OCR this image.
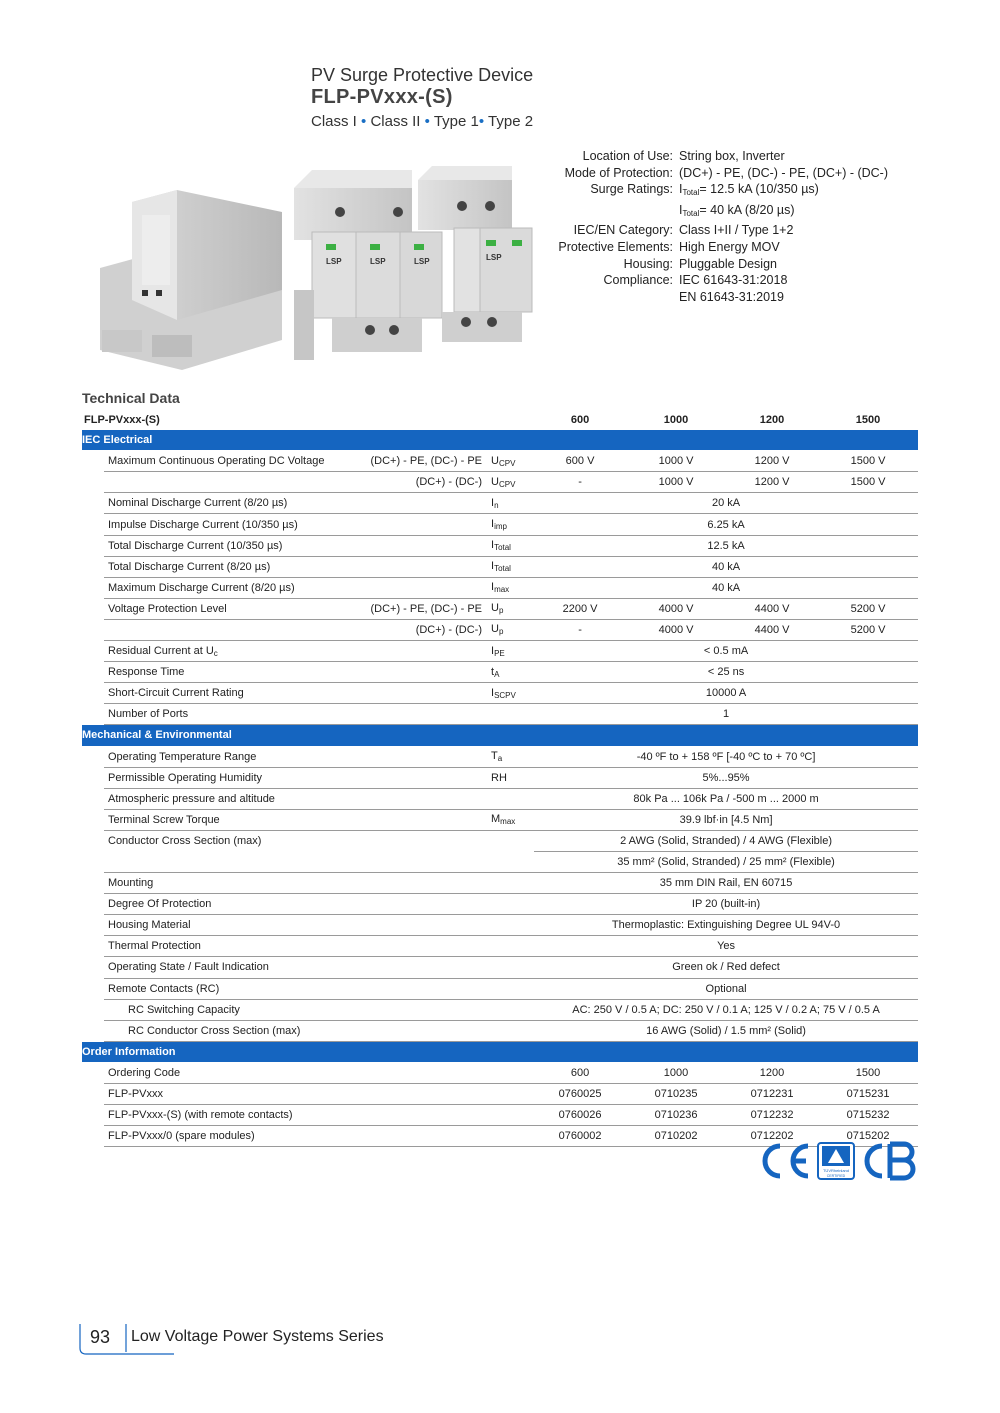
PV Surge Protective Device
FLP-PVxxx-(S)
Class I • Class II • Type 1• Type 2
LSP	LSP	LSP	LSP
Location of Use: String box, Inverter
Mode of Protection: (DC+) - PE, (DC-) - PE, (DC+) - (DC-)
Surge Ratings: $I_{Total}= 12.5$ kA (10/350 µs)
$I_{Total}= 40$ kA (8/20 µs)
IEC/EN Category: Class I+II / Type 1+2
Protective Elements: High Energy MOV
Housing: Pluggable Design
Compliance: IEC 61643-31:2018
EN 61643-31:2019
Technical Data
FLP-PVxxx-(S)				600	1000	1200	1500
IEC Electrical							
	Maximum Continuous Operating DC Voltage	(DC+) - PE, (DC-) - PE	$U_{CPV}$	600 V	1000 V	1200 V	1500 V
		(DC+) - (DC-)	$U_{CPV}$	-	1000 V	1200 V	1500 V
	Nominal Discharge Current (8/20 µs)		$I_n$	20 kA			
	Impulse Discharge Current (10/350 µs)		$I_{imp}$	6.25 kA			
	Total Discharge Current (10/350 µs)		$I_{Total}$	12.5 kA			
	Total Discharge Current (8/20 µs)		$I_{Total}$	40 kA			
	Maximum Discharge Current (8/20 µs)		$I_{max}$	40 kA			
	Voltage Protection Level	(DC+) - PE, (DC-) - PE	$U_p$	2200 V	4000 V	4400 V	5200 V
		(DC+) - (DC-)	$U_p$	-	4000 V	4400 V	5200 V
	Residual Current at $U_c$		$I_{PE}$	< 0.5 mA			
	Response Time		$t_A$	< 25 ns			
	Short-Circuit Current Rating		$I_{SCPV}$	10000 A			
	Number of Ports			1			
Mechanical & Environmental							
	Operating Temperature Range		$T_a$	-40 ºF to + 158 ºF [-40 ºC to + 70 ºC]			
	Permissible Operating Humidity		RH	5%...95%			
	Atmospheric pressure and altitude			80k Pa ... 106k Pa / -500 m ... 2000 m			
	Terminal Screw Torque		$M_{max}$	39.9 lbf·in [4.5 Nm]			
	Conductor Cross Section (max)			2 AWG (Solid, Stranded) / 4 AWG (Flexible)			
				35 mm² (Solid, Stranded) / 25 mm² (Flexible)			
	Mounting			35 mm DIN Rail, EN 60715			
	Degree Of Protection			IP 20 (built-in)			
	Housing Material			Thermoplastic: Extinguishing Degree UL 94V-0			
	Thermal Protection			Yes			
	Operating State / Fault Indication			Green ok / Red defect			
	Remote Contacts (RC)			Optional			
	RC Switching Capacity			AC: 250 V / 0.5 A; DC: 250 V / 0.1 A; 125 V / 0.2 A; 75 V / 0.5 A			
	RC Conductor Cross Section (max)			16 AWG (Solid) / 1.5 mm² (Solid)			
Order Information							
	Ordering Code			600	1000	1200	1500
	FLP-PVxxx			0760025	0710235	0712231	0715231
	FLP-PVxxx-(S) (with remote contacts)			0760026	0710236	0712232	0715232
	FLP-PVxxx/0 (spare modules)			0760002	0710202	0712202	0715202
TÜVRheinland
CERTIFIED
93 Low Voltage Power Systems Series
